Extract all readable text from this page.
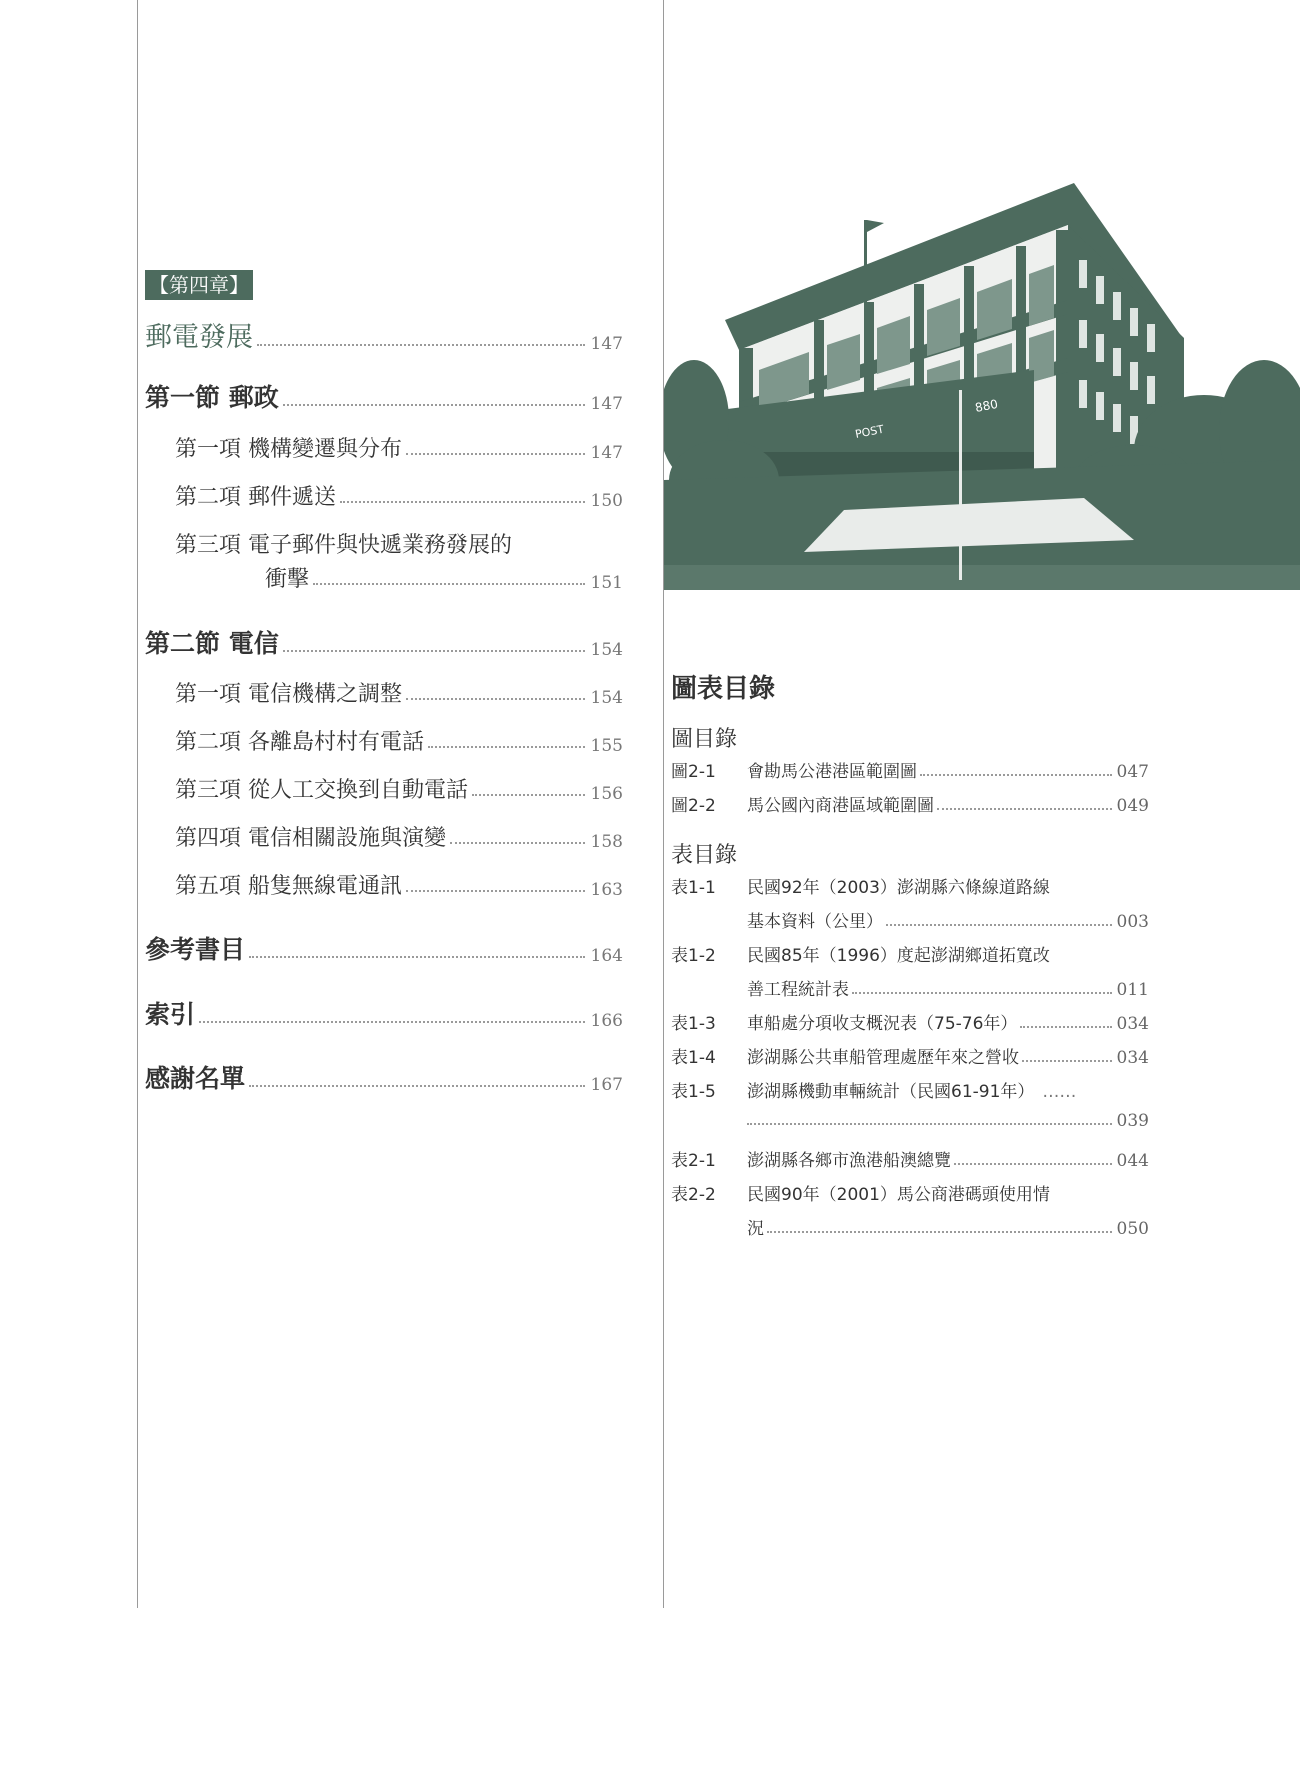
【第四章】
郵電發展	147
第一節 郵政	147
第一項 機構變遷與分布	147
第二項 郵件遞送	150
第三項 電子郵件與快遞業務發展的
衝擊	151
第二節 電信	154
第一項 電信機構之調整	154
第二項 各離島村村有電話	155
第三項 從人工交換到自動電話	156
第四項 電信相關設施與演變	158
第五項 船隻無線電通訊	163
參考書目	164
索引	166
感謝名單	167
POST
880
圖表目錄
圖目錄
圖2-1	會勘馬公港港區範圍圖	047
圖2-2	馬公國內商港區域範圍圖	049
表目錄
表1-1	民國92年（2003）澎湖縣六條線道路線
基本資料（公里）	003
表1-2	民國85年（1996）度起澎湖鄉道拓寬改
善工程統計表	011
表1-3	車船處分項收支概況表（75-76年）	034
表1-4	澎湖縣公共車船管理處歷年來之營收	034
表1-5	澎湖縣機動車輛統計（民國61-91年） ……
039
表2-1	澎湖縣各鄉市漁港船澳總覽	044
表2-2	民國90年（2001）馬公商港碼頭使用情
況	050
